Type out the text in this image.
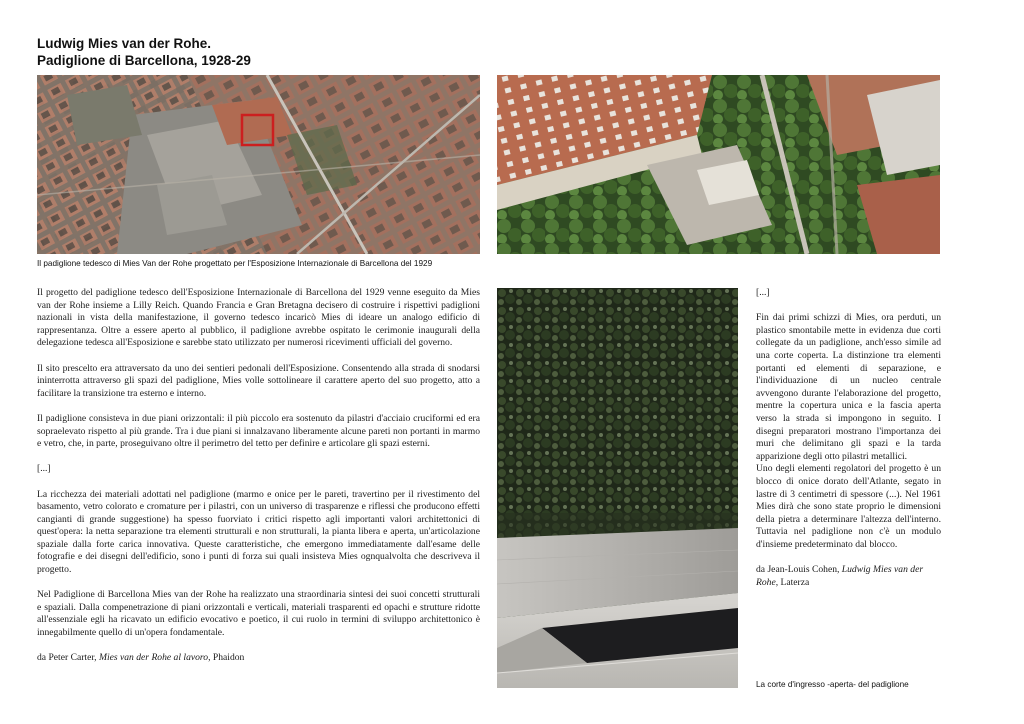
Ludwig Mies van der Rohe.
Padiglione di Barcellona, 1928-29
Il padiglione tedesco di Mies Van der Rohe progettato per l'Esposizione Internazionale di Barcellona del 1929

Il progetto del padiglione tedesco dell'Esposizione Internazionale di Barcellona del 1929 venne eseguito da Mies van der Rohe insieme a Lilly Reich. Quando Francia e Gran Bretagna decisero di costruire i rispettivi padiglioni nazionali in vista della manifestazione, il governo tedesco incaricò Mies di ideare un analogo edificio di rappresentanza. Oltre a essere aperto al pubblico, il padiglione avrebbe ospitato le cerimonie inaugurali della delegazione tedesca all'Esposizione e sarebbe stato utilizzato per numerosi ricevimenti ufficiali del governo.

Il sito prescelto era attraversato da uno dei sentieri pedonali dell'Esposizione. Consentendo alla strada di snodarsi ininterrotta attraverso gli spazi del padiglione, Mies volle sottolineare il carattere aperto del suo progetto, atto a facilitare la transizione tra esterno e interno.

Il padiglione consisteva in due piani orizzontali: il più piccolo era sostenuto da pilastri d'acciaio cruciformi ed era sopraelevato rispetto al più grande. Tra i due piani si innalzavano liberamente alcune pareti non portanti in marmo e vetro, che, in parte, proseguivano oltre il perimetro del tetto per definire e articolare gli spazi esterni.

[...]

La ricchezza dei materiali adottati nel padiglione (marmo e onice per le pareti, travertino per il rivestimento del basamento, vetro colorato e cromature per i pilastri, con un universo di trasparenze e riflessi che producono effetti cangianti di grande suggestione) ha spesso fuorviato i critici rispetto agli importanti valori architettonici di quest'opera: la netta separazione tra elementi strutturali e non strutturali, la pianta libera e aperta, un'articolazione spaziale dalla forte carica innovativa. Queste caratteristiche, che emergono immediatamente dall'esame delle fotografie e dei disegni dell'edificio, sono i punti di forza sui quali insisteva Mies ognqualvolta che descriveva il progetto.

Nel Padiglione di Barcellona Mies van der Rohe ha realizzato una straordinaria sintesi dei suoi concetti strutturali e spaziali. Dalla compenetrazione di piani orizzontali e verticali, materiali trasparenti ed opachi e strutture ridotte all'essenziale egli ha ricavato un edificio evocativo e poetico, il cui ruolo in termini di sviluppo architettonico è innegabilmente quello di un'opera fondamentale.

da Peter Carter, Mies van der Rohe al lavoro, Phaidon

[...]

Fin dai primi schizzi di Mies, ora perduti, un plastico smontabile mette in evidenza due corti collegate da un padiglione, anch'esso simile ad una corte coperta. La distinzione tra elementi portanti ed elementi di separazione, e l'individuazione di un nucleo centrale avvengono durante l'elaborazione del progetto, mentre la copertura unica e la fascia aperta verso la strada si impongono in seguito. I disegni preparatori mostrano l'importanza dei muri che delimitano gli spazi e la tarda apparizione degli otto pilastri metallici.

Uno degli elementi regolatori del progetto è un blocco di onice dorato dell'Atlante, segato in lastre di 3 centimetri di spessore (...). Nel 1961 Mies dirà che sono state proprio le dimensioni della pietra a determinare l'altezza dell'interno. Tuttavia nel padiglione non c'è un modulo d'insieme predeterminato dal blocco.

da Jean-Louis Cohen, Ludwig Mies van der Rohe, Laterza

La corte d'ingresso -aperta- del padiglione
